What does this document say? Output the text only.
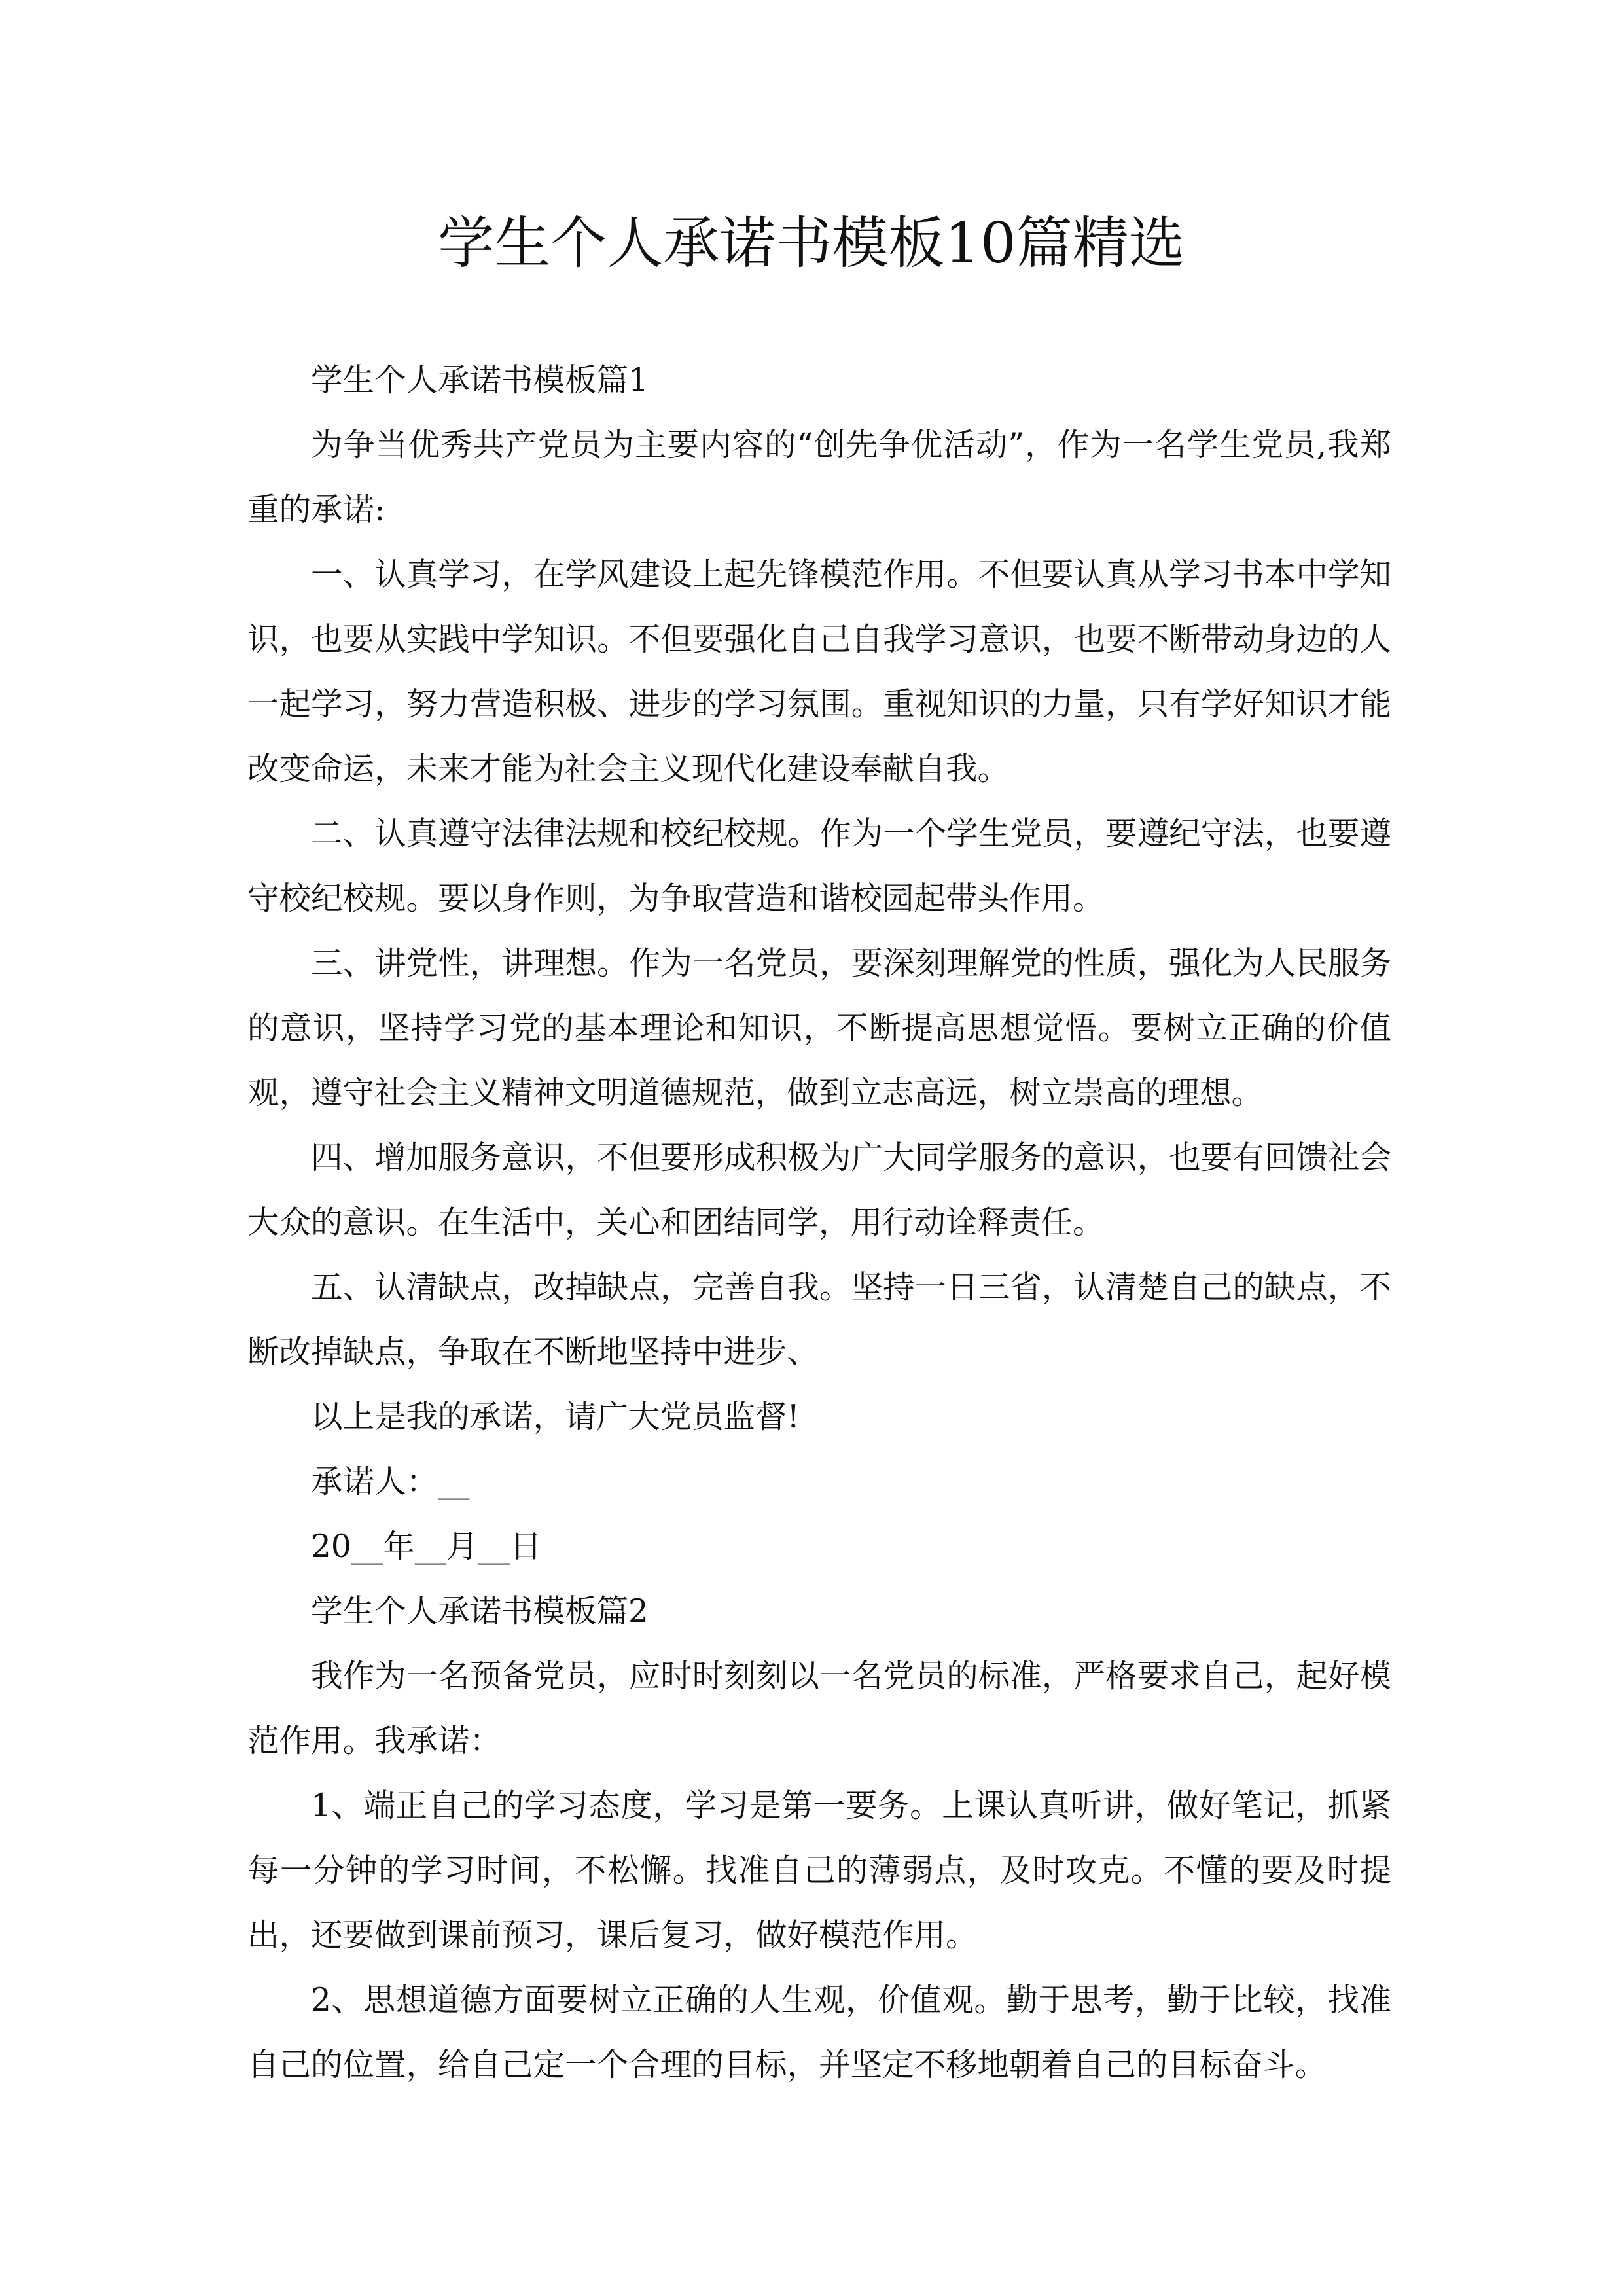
学生个人承诺书模板10篇精选

学生个人承诺书模板篇1

为争当优秀共产党员为主要内容的“创先争优活动”，作为一名学生党员,我郑重的承诺:

一、认真学习，在学风建设上起先锋模范作用。不但要认真从学习书本中学知识，也要从实践中学知识。不但要强化自己自我学习意识，也要不断带动身边的人一起学习，努力营造积极、进步的学习氛围。重视知识的力量，只有学好知识才能改变命运，未来才能为社会主义现代化建设奉献自我。

二、认真遵守法律法规和校纪校规。作为一个学生党员，要遵纪守法，也要遵守校纪校规。要以身作则，为争取营造和谐校园起带头作用。

三、讲党性，讲理想。作为一名党员，要深刻理解党的性质，强化为人民服务的意识，坚持学习党的基本理论和知识，不断提高思想觉悟。要树立正确的价值观，遵守社会主义精神文明道德规范，做到立志高远，树立崇高的理想。

四、增加服务意识，不但要形成积极为广大同学服务的意识，也要有回馈社会大众的意识。在生活中，关心和团结同学，用行动诠释责任。

五、认清缺点，改掉缺点，完善自我。坚持一日三省，认清楚自己的缺点，不断改掉缺点，争取在不断地坚持中进步、

以上是我的承诺，请广大党员监督!

承诺人：__

20__年__月__日

学生个人承诺书模板篇2

我作为一名预备党员，应时时刻刻以一名党员的标准，严格要求自己，起好模范作用。我承诺：

1、端正自己的学习态度，学习是第一要务。上课认真听讲，做好笔记，抓紧每一分钟的学习时间，不松懈。找准自己的薄弱点，及时攻克。不懂的要及时提出，还要做到课前预习，课后复习，做好模范作用。

2、思想道德方面要树立正确的人生观，价值观。勤于思考，勤于比较，找准自己的位置，给自己定一个合理的目标，并坚定不移地朝着自己的目标奋斗。
